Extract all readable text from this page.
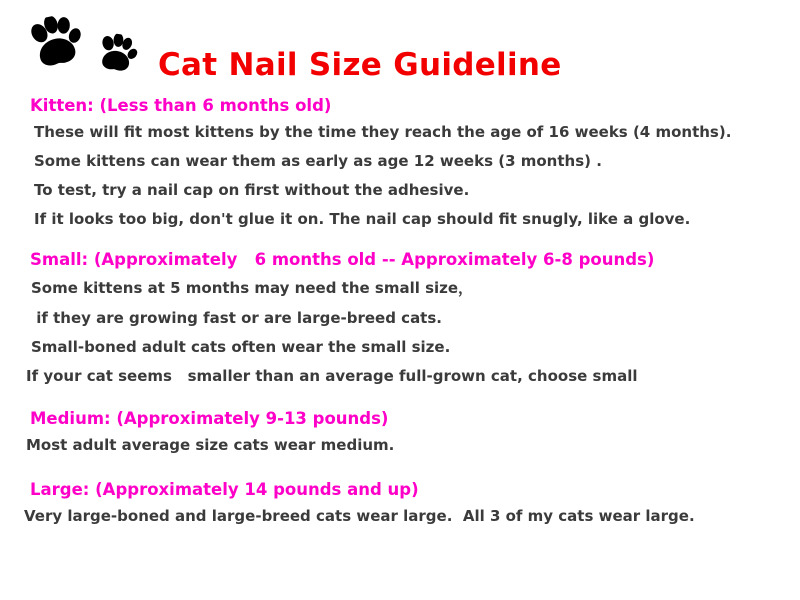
Cat Nail Size Guideline
Kitten: (Less than 6 months old)

These will fit most kittens by the time they reach the age of 16 weeks (4 months).

Some kittens can wear them as early as age 12 weeks (3 months) .

To test, try a nail cap on first without the adhesive.

If it looks too big, don't glue it on. The nail cap should fit snugly, like a glove.

Small: (Approximately   6 months old -- Approximately 6-8 pounds)

Some kittens at 5 months may need the small size，

if they are growing fast or are large-breed cats.

Small-boned adult cats often wear the small size.

If your cat seems   smaller than an average full-grown cat, choose small

Medium: (Approximately 9-13 pounds)

Most adult average size cats wear medium.

Large: (Approximately 14 pounds and up)

Very large-boned and large-breed cats wear large.  All 3 of my cats wear large.
